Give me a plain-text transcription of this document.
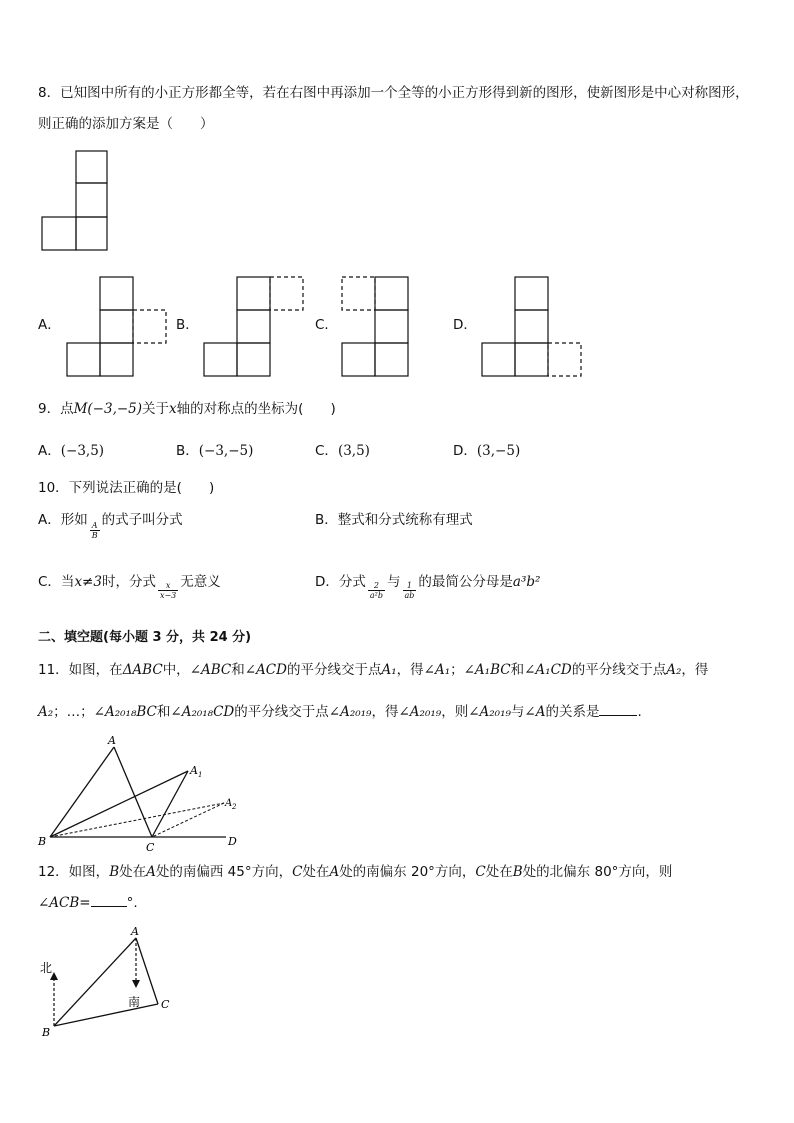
8．已知图中所有的小正方形都全等，若在右图中再添加一个全等的小正方形得到新的图形，使新图形是中心对称图形，
则正确的添加方案是（　　）
A．	B．	C．	D．
9．点M(−3,−5)关于x轴的对称点的坐标为(　　)
A．(−3,5)	B．(−3,−5)	C．(3,5)	D．(3,−5)
10．下列说法正确的是(　　)
A．形如
$\frac{A}{B}$
的式子叫分式	B．整式和分式统称有理式
C．当x≠3时，分式 $\frac{x}{x-3}$ 无意义	D．分式 $\frac{2}{\text{a²b}}$ 与 $\frac{1}{ab}$ 的最简公分母是a³b²
二、填空题(每小题 3 分，共 24 分)
11．如图，在ΔABC中，∠ABC和∠ACD的平分线交于点A₁，得∠A₁；∠A₁BC和∠A₁CD的平分线交于点A₂，得
A₂；…；∠A₂₀₁₈BC和∠A₂₀₁₈CD的平分线交于点∠A₂₀₁₉，得∠A₂₀₁₉，则∠A₂₀₁₉与∠A的关系是	.
A
A 1
A 2
B	C	D
12．如图，B处在A处的南偏西 45°方向，C处在A处的南偏东 20°方向，C处在B处的北偏东 80°方向，则
∠ACB=	°.
北
南
A
B
C
